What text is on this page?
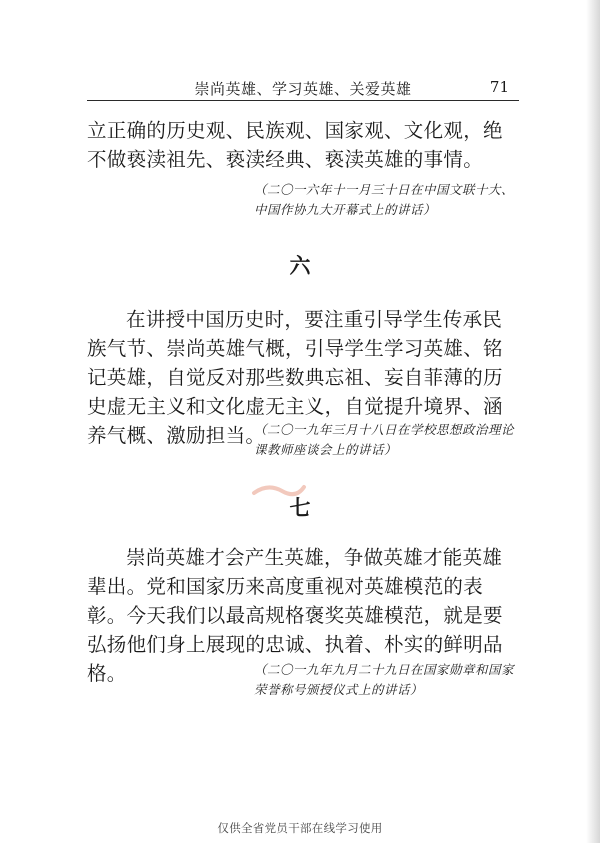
崇尚英雄、学习英雄、关爱英雄	71

立正确的历史观、民族观、国家观、文化观，绝不做亵渎祖先、亵渎经典、亵渎英雄的事情。

（二〇一六年十一月三十日在中国文联十大、中国作协九大开幕式上的讲话）

六

在讲授中国历史时，要注重引导学生传承民族气节、崇尚英雄气概，引导学生学习英雄、铭记英雄，自觉反对那些数典忘祖、妄自菲薄的历史虚无主义和文化虚无主义，自觉提升境界、涵养气概、激励担当。

（二〇一九年三月十八日在学校思想政治理论课教师座谈会上的讲话）

七

崇尚英雄才会产生英雄，争做英雄才能英雄辈出。党和国家历来高度重视对英雄模范的表彰。今天我们以最高规格褒奖英雄模范，就是要弘扬他们身上展现的忠诚、执着、朴实的鲜明品格。	（二〇一九年九月二十九日在国家勋章和国家荣誉称号颁授仪式上的讲话）

仅供全省党员干部在线学习使用
